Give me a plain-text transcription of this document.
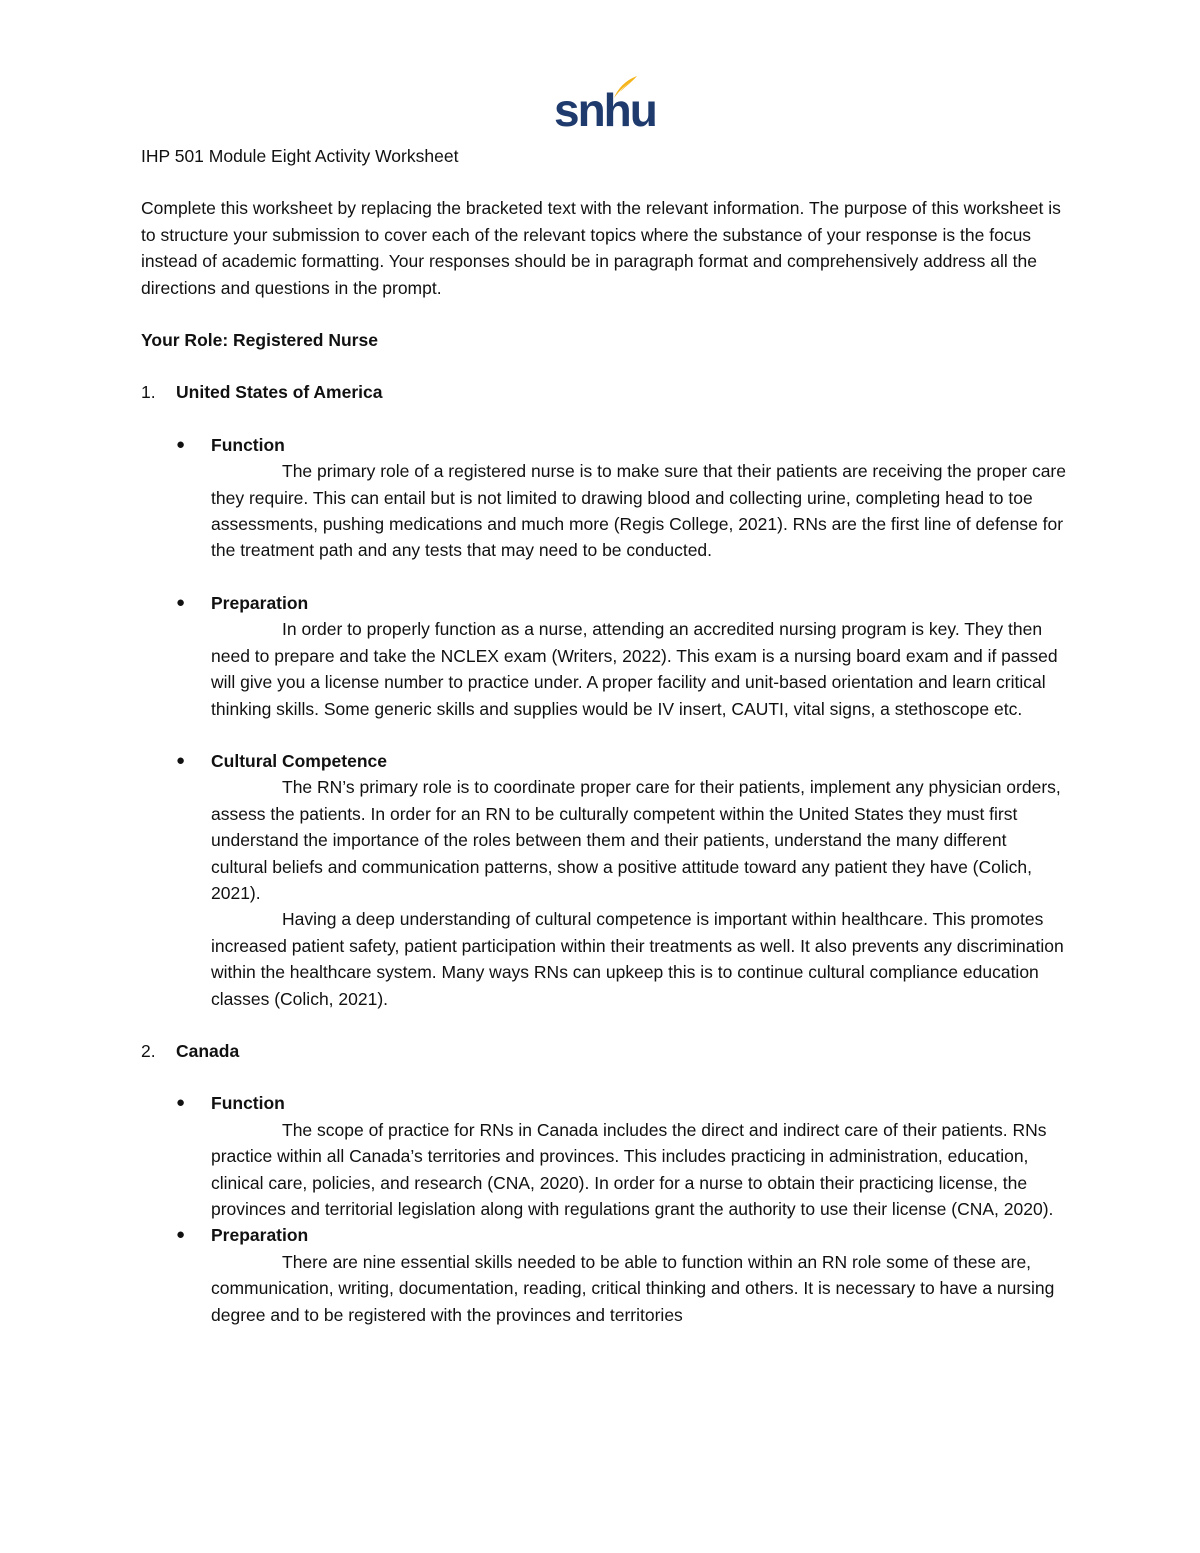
snhu

IHP 501 Module Eight Activity Worksheet

Complete this worksheet by replacing the bracketed text with the relevant information. The purpose of this worksheet is to structure your submission to cover each of the relevant topics where the substance of your response is the focus instead of academic formatting. Your responses should be in paragraph format and comprehensively address all the directions and questions in the prompt.

Your Role: Registered Nurse

1.	United States of America
● Function

The primary role of a registered nurse is to make sure that their patients are receiving the proper care they require. This can entail but is not limited to drawing blood and collecting urine, completing head to toe assessments, pushing medications and much more (Regis College, 2021). RNs are the first line of defense for the treatment path and any tests that may need to be conducted.

● Preparation

In order to properly function as a nurse, attending an accredited nursing program is key. They then need to prepare and take the NCLEX exam (Writers, 2022). This exam is a nursing board exam and if passed will give you a license number to practice under. A proper facility and unit-based orientation and learn critical thinking skills. Some generic skills and supplies would be IV insert, CAUTI, vital signs, a stethoscope etc.

● Cultural Competence

The RN’s primary role is to coordinate proper care for their patients, implement any physician orders, assess the patients. In order for an RN to be culturally competent within the United States they must first understand the importance of the roles between them and their patients, understand the many different cultural beliefs and communication patterns, show a positive attitude toward any patient they have (Colich, 2021).

Having a deep understanding of cultural competence is important within healthcare. This promotes increased patient safety, patient participation within their treatments as well. It also prevents any discrimination within the healthcare system. Many ways RNs can upkeep this is to continue cultural compliance education classes (Colich, 2021).

2.	Canada
● Function

The scope of practice for RNs in Canada includes the direct and indirect care of their patients. RNs practice within all Canada’s territories and provinces. This includes practicing in administration, education, clinical care, policies, and research (CNA, 2020). In order for a nurse to obtain their practicing license, the provinces and territorial legislation along with regulations grant the authority to use their license (CNA, 2020).

● Preparation

There are nine essential skills needed to be able to function within an RN role some of these are, communication, writing, documentation, reading, critical thinking and others. It is necessary to have a nursing degree and to be registered with the provinces and territories
